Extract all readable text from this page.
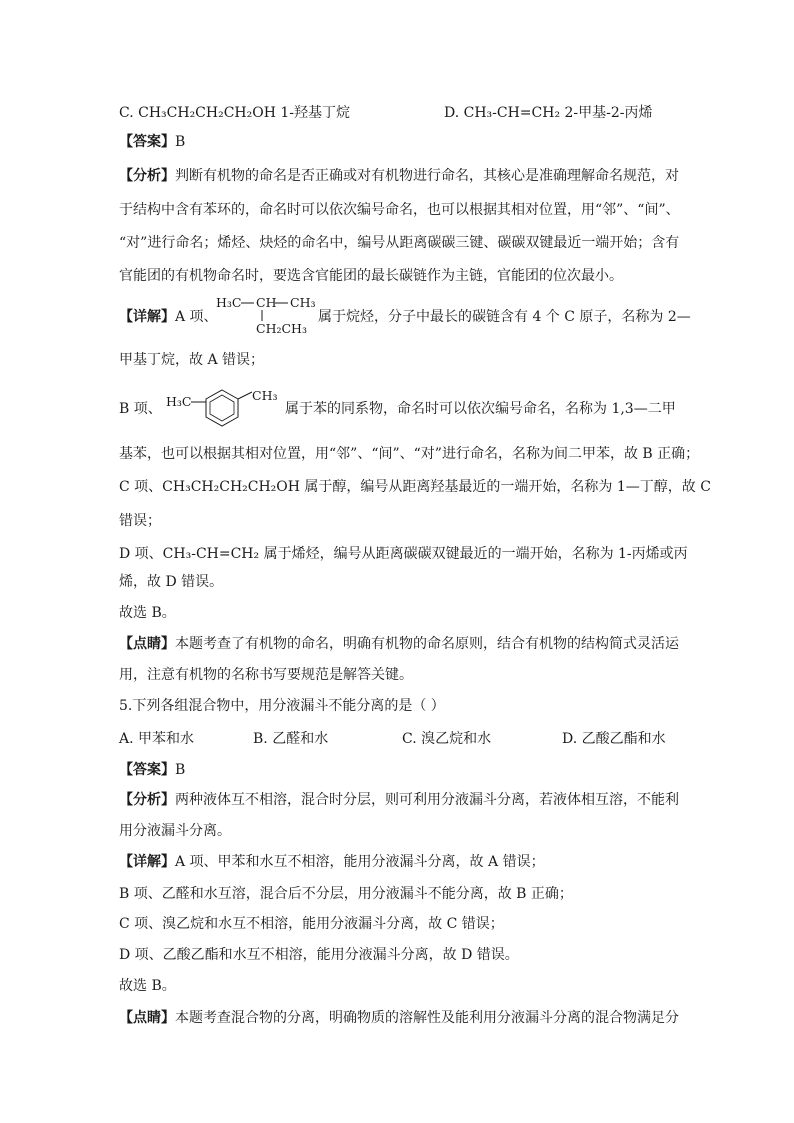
C. CH₃CH₂CH₂CH₂OH 1-羟基丁烷	D. CH₃-CH=CH₂ 2-甲基-2-丙烯
【答案】B
【分析】判断有机物的命名是否正确或对有机物进行命名，其核心是准确理解命名规范，对
于结构中含有苯环的，命名时可以依次编号命名，也可以根据其相对位置，用“邻”、“间”、
“对”进行命名；烯烃、炔烃的命名中，编号从距离碳碳三键、碳碳双键最近一端开始；含有
官能团的有机物命名时，要选含官能团的最长碳链作为主链，官能团的位次最小。
【详解】A 项、
H₃C CH CH₃
CH₂CH₃
属于烷烃，分子中最长的碳链含有 4 个 C 原子，名称为 2—
甲基丁烷，故 A 错误；
B 项、 H₃C	CH₃
属于苯的同系物，命名时可以依次编号命名，名称为 1,3—二甲
基苯，也可以根据其相对位置，用“邻”、“间”、“对”进行命名，名称为间二甲苯，故 B 正确；
C 项、CH₃CH₂CH₂CH₂OH 属于醇，编号从距离羟基最近的一端开始，名称为 1—丁醇，故 C
错误；
D 项、CH₃-CH=CH₂ 属于烯烃，编号从距离碳碳双键最近的一端开始，名称为 1-丙烯或丙
烯，故 D 错误。
故选 B。
【点睛】本题考查了有机物的命名，明确有机物的命名原则，结合有机物的结构简式灵活运
用，注意有机物的名称书写要规范是解答关键。
5.下列各组混合物中，用分液漏斗不能分离的是（ ）
A. 甲苯和水	B. 乙醛和水	C. 溴乙烷和水	D. 乙酸乙酯和水
【答案】B
【分析】两种液体互不相溶，混合时分层，则可利用分液漏斗分离，若液体相互溶，不能利
用分液漏斗分离。
【详解】A 项、甲苯和水互不相溶，能用分液漏斗分离，故 A 错误；
B 项、乙醛和水互溶，混合后不分层，用分液漏斗不能分离，故 B 正确；
C 项、溴乙烷和水互不相溶，能用分液漏斗分离，故 C 错误；
D 项、乙酸乙酯和水互不相溶，能用分液漏斗分离，故 D 错误。
故选 B。
【点睛】本题考查混合物的分离，明确物质的溶解性及能利用分液漏斗分离的混合物满足分
